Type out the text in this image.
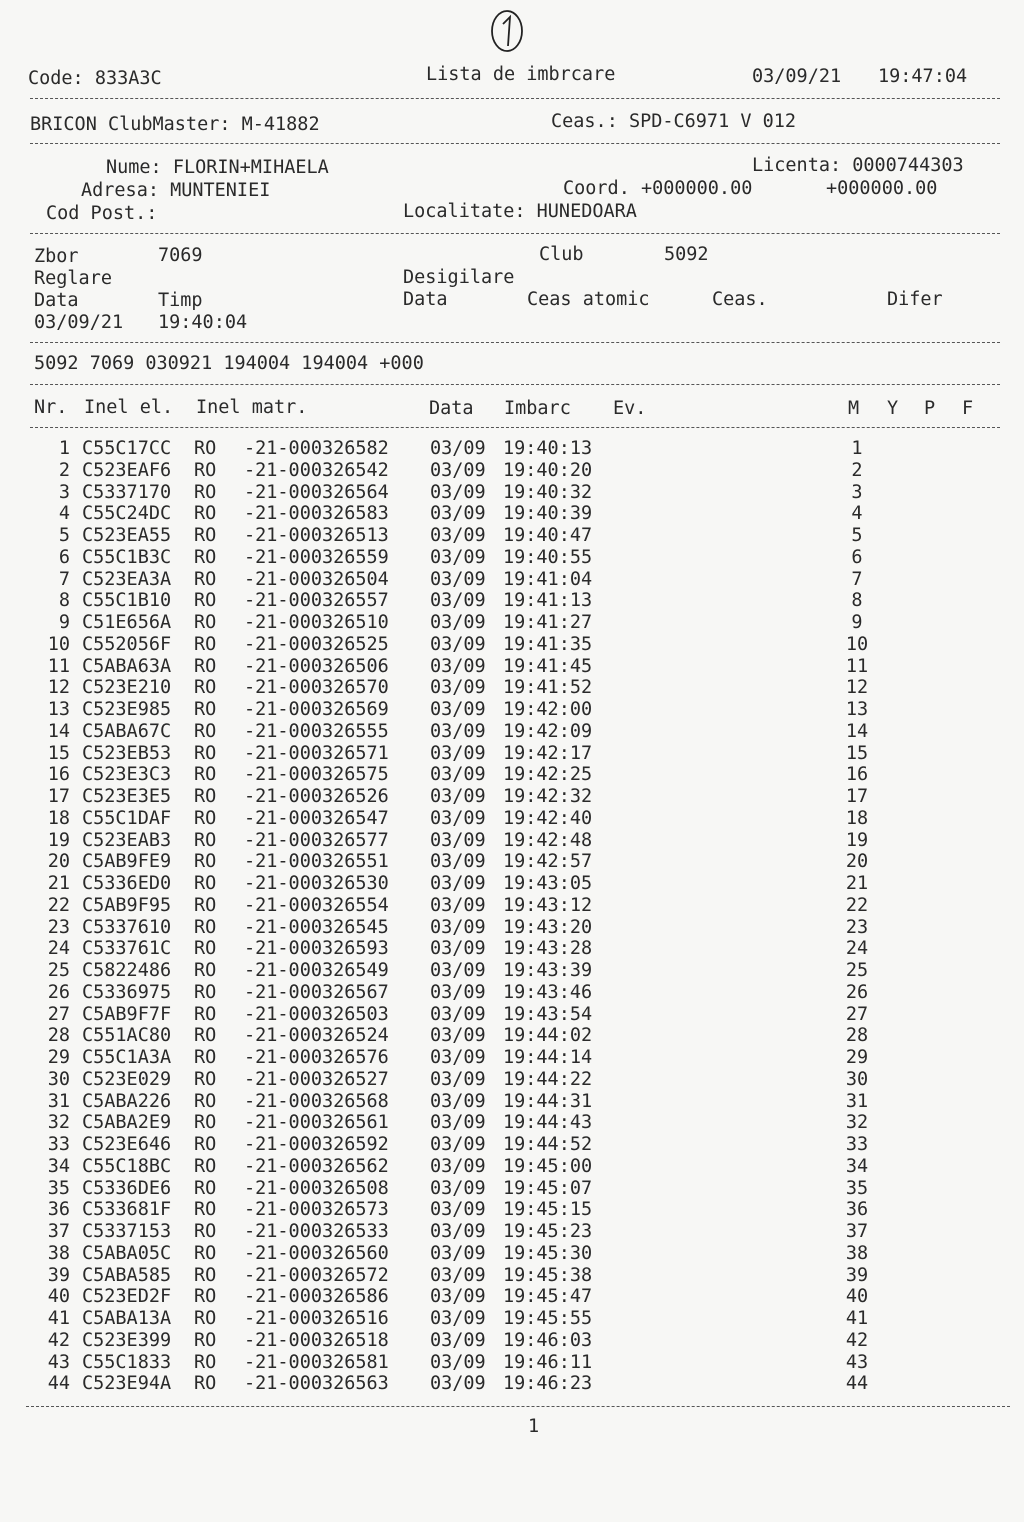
Code: 833A3C	Lista de imbrcare	03/09/21 19:47:04
BRICON ClubMaster: M-41882	Ceas.: SPD-C6971 V 012
Nume: FLORIN+MIHAELA	Licenta: 0000744303
Adresa: MUNTENIEI	Coord. +000000.00	+000000.00
Cod Post.:	Localitate: HUNEDOARA
Zbor	7069	Club	5092
Reglare	Desigilare
Data	Timp	Data	Ceas atomic	Ceas.	Difer
03/09/21 19:40:04
5092 7069 030921 194004 194004 +000
Nr. Inel el. Inel matr.	Data Imbarc Ev.	M Y P F
1 C55C17CC RO -21-000326582 03/09 19:40:13	1
2 C523EAF6 RO -21-000326542 03/09 19:40:20	2
3 C5337170 RO -21-000326564 03/09 19:40:32	3
4 C55C24DC RO -21-000326583 03/09 19:40:39	4
5 C523EA55 RO -21-000326513 03/09 19:40:47	5
6 C55C1B3C RO -21-000326559 03/09 19:40:55	6
7 C523EA3A RO -21-000326504 03/09 19:41:04	7
8 C55C1B10 RO -21-000326557 03/09 19:41:13	8
9 C51E656A RO -21-000326510 03/09 19:41:27	9
10 C552056F RO -21-000326525 03/09 19:41:35	10
11 C5ABA63A RO -21-000326506 03/09 19:41:45	11
12 C523E210 RO -21-000326570 03/09 19:41:52	12
13 C523E985 RO -21-000326569 03/09 19:42:00	13
14 C5ABA67C RO -21-000326555 03/09 19:42:09	14
15 C523EB53 RO -21-000326571 03/09 19:42:17	15
16 C523E3C3 RO -21-000326575 03/09 19:42:25	16
17 C523E3E5 RO -21-000326526 03/09 19:42:32	17
18 C55C1DAF RO -21-000326547 03/09 19:42:40	18
19 C523EAB3 RO -21-000326577 03/09 19:42:48	19
20 C5AB9FE9 RO -21-000326551 03/09 19:42:57	20
21 C5336ED0 RO -21-000326530 03/09 19:43:05	21
22 C5AB9F95 RO -21-000326554 03/09 19:43:12	22
23 C5337610 RO -21-000326545 03/09 19:43:20	23
24 C533761C RO -21-000326593 03/09 19:43:28	24
25 C5822486 RO -21-000326549 03/09 19:43:39	25
26 C5336975 RO -21-000326567 03/09 19:43:46	26
27 C5AB9F7F RO -21-000326503 03/09 19:43:54	27
28 C551AC80 RO -21-000326524 03/09 19:44:02	28
29 C55C1A3A RO -21-000326576 03/09 19:44:14	29
30 C523E029 RO -21-000326527 03/09 19:44:22	30
31 C5ABA226 RO -21-000326568 03/09 19:44:31	31
32 C5ABA2E9 RO -21-000326561 03/09 19:44:43	32
33 C523E646 RO -21-000326592 03/09 19:44:52	33
34 C55C18BC RO -21-000326562 03/09 19:45:00	34
35 C5336DE6 RO -21-000326508 03/09 19:45:07	35
36 C533681F RO -21-000326573 03/09 19:45:15	36
37 C5337153 RO -21-000326533 03/09 19:45:23	37
38 C5ABA05C RO -21-000326560 03/09 19:45:30	38
39 C5ABA585 RO -21-000326572 03/09 19:45:38	39
40 C523ED2F RO -21-000326586 03/09 19:45:47	40
41 C5ABA13A RO -21-000326516 03/09 19:45:55	41
42 C523E399 RO -21-000326518 03/09 19:46:03	42
43 C55C1833 RO -21-000326581 03/09 19:46:11	43
44 C523E94A RO -21-000326563 03/09 19:46:23	44
1
